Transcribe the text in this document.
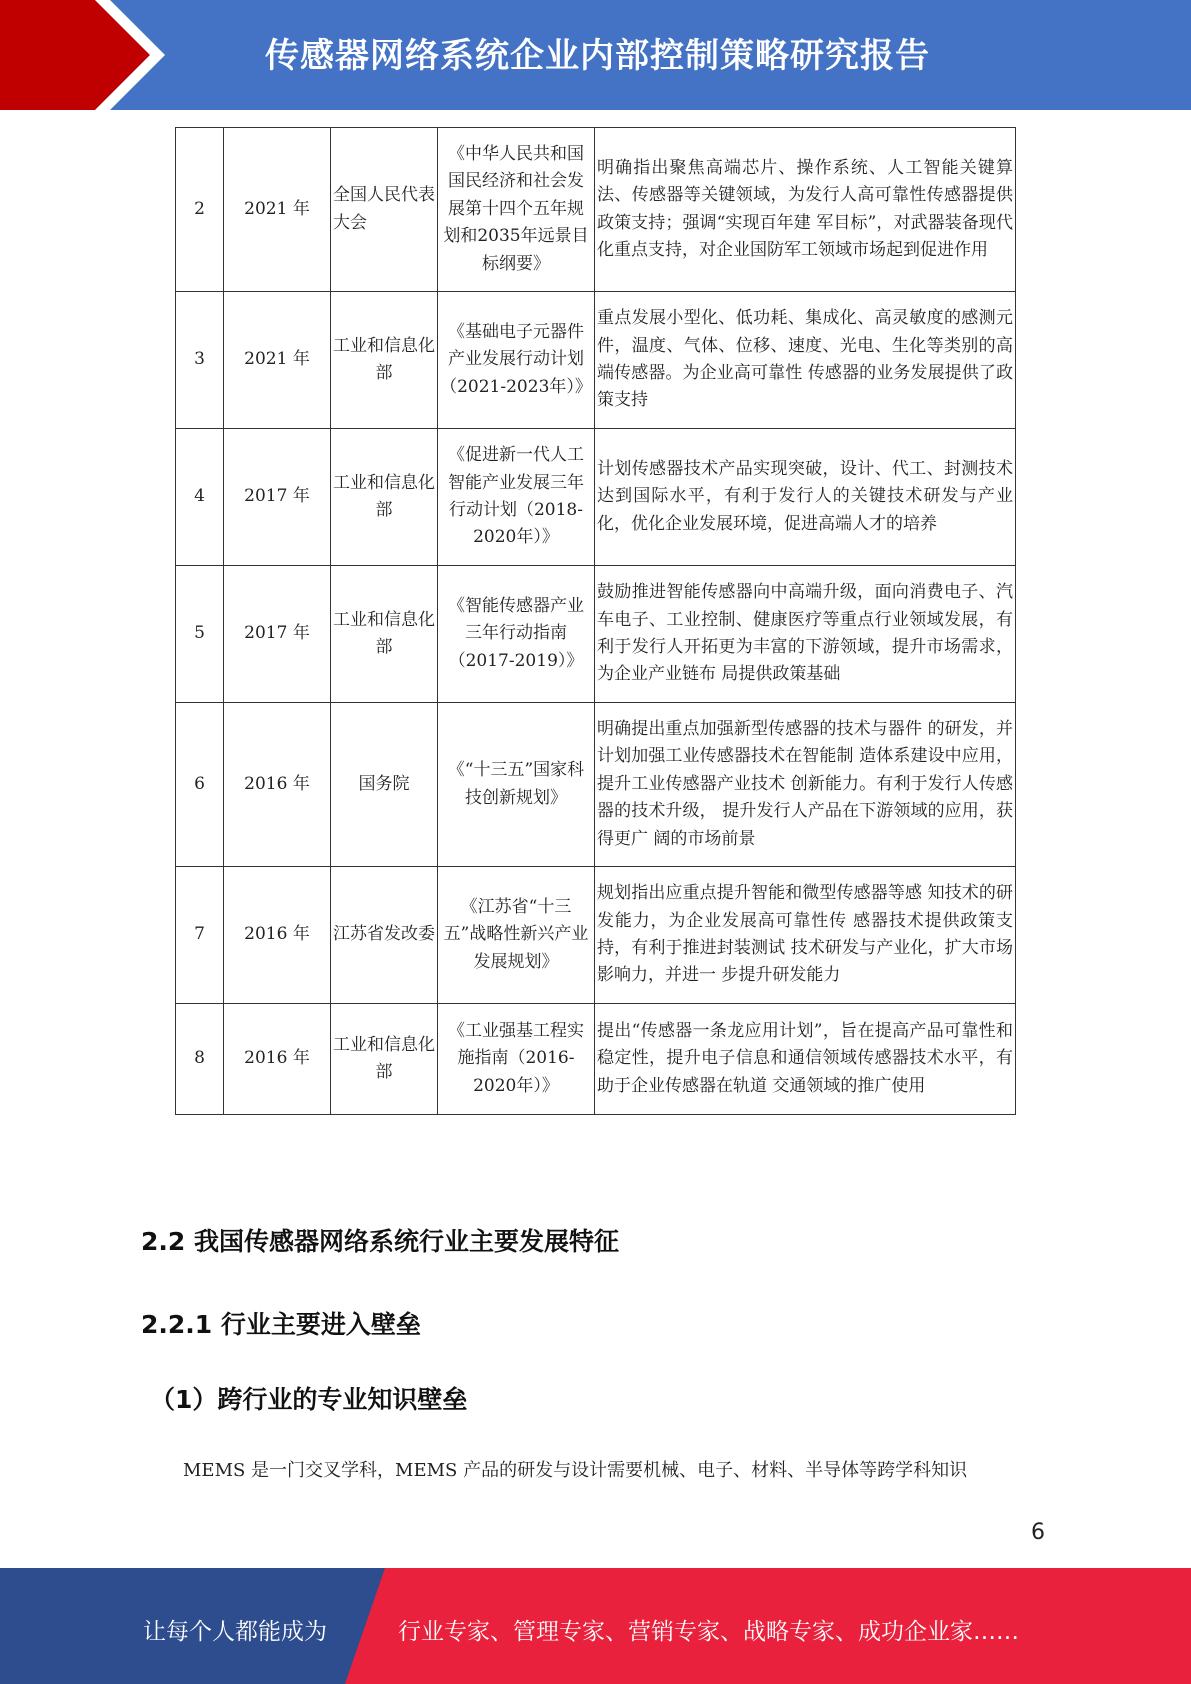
传感器网络系统企业内部控制策略研究报告
2	2021 年	全国人民代表大会	《中华人民共和国国民经济和社会发展第十四个五年规划和2035年远景目标纲要》	明确指出聚焦高端芯片、操作系统、人工智能关键算法、传感器等关键领域，为发行人高可靠性传感器提供政策支持；强调“实现百年建 军目标”，对武器装备现代化重点支持，对企业国防军工领域市场起到促进作用
3	2021 年	工业和信息化部	《基础电子元器件产业发展行动计划（2021-2023年）》	重点发展小型化、低功耗、集成化、高灵敏度的感测元件，温度、气体、位移、速度、光电、生化等类别的高端传感器。为企业高可靠性 传感器的业务发展提供了政策支持
4	2017 年	工业和信息化部	《促进新一代人工智能产业发展三年行动计划（2018-2020年）》	计划传感器技术产品实现突破，设计、代工、封测技术达到国际水平，有利于发行人的关键技术研发与产业化，优化企业发展环境，促进高端人才的培养
5	2017 年	工业和信息化部	《智能传感器产业三年行动指南（2017-2019）》	鼓励推进智能传感器向中高端升级，面向消费电子、汽车电子、工业控制、健康医疗等重点行业领域发展，有利于发行人开拓更为丰富的下游领域，提升市场需求，为企业产业链布 局提供政策基础
6	2016 年	国务院	《“十三五”国家科技创新规划》	明确提出重点加强新型传感器的技术与器件 的研发，并计划加强工业传感器技术在智能制 造体系建设中应用，提升工业传感器产业技术 创新能力。有利于发行人传感器的技术升级， 提升发行人产品在下游领域的应用，获得更广 阔的市场前景
7	2016 年	江苏省发改委	《江苏省“十三五”战略性新兴产业发展规划》	规划指出应重点提升智能和微型传感器等感 知技术的研发能力，为企业发展高可靠性传 感器技术提供政策支持，有利于推进封装测试 技术研发与产业化，扩大市场影响力，并进一 步提升研发能力
8	2016 年	工业和信息化部	《工业强基工程实施指南（2016-2020年）》	提出“传感器一条龙应用计划”，旨在提高产品可靠性和稳定性，提升电子信息和通信领域传感器技术水平，有助于企业传感器在轨道 交通领域的推广使用
2.2 我国传感器网络系统行业主要发展特征
2.2.1 行业主要进入壁垒
（1）跨行业的专业知识壁垒
MEMS 是一门交叉学科，MEMS 产品的研发与设计需要机械、电子、材料、半导体等跨学科知识
6
让每个人都能成为	行业专家、管理专家、营销专家、战略专家、成功企业家……
